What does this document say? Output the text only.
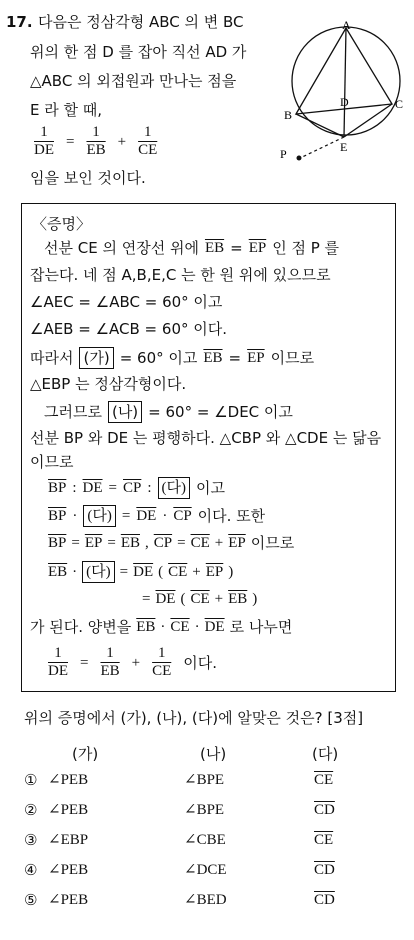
17. 다음은 정삼각형 ABC 의 변 BC
위의 한 점 D 를 잡아 직선 AD 가
△ABC 의 외접원과 만나는 점을
E 라 할 때,
$\frac{1}{DE} = \frac{1}{EB} + \frac{1}{CE}$
임을 보인 것이다.
A
B
C
D
E
P
〈증명〉
선분 CE 의 연장선 위에 $\overline{EB} = \overline{EP}$ 인 점 P 를
잡는다. 네 점 A,B,E,C 는 한 원 위에 있으므로
∠AEC = ∠ABC = 60° 이고
∠AEB = ∠ACB = 60° 이다.
따라서 (가) = 60° 이고 $\overline{EB} = \overline{EP}$ 이므로
△EBP 는 정삼각형이다.
그러므로 (나) = 60° = ∠DEC 이고
선분 BP 와 DE 는 평행하다. △CBP 와 △CDE 는 닮음
이므로
$\overline{BP}$ : $\overline{DE} = \overline{CP}$ : (다) 이고
$\overline{BP}$ · (다) = $\overline{DE} \cdot \overline{CP}$ 이다. 또한
$\overline{BP} = \overline{EP} = \overline{EB}$ , $\overline{CP} = \overline{CE} + \overline{EP}$ 이므로
$\overline{EB}$ · (다) = $\overline{DE}$ ( $\overline{CE} + \overline{EP}$ )
= $\overline{DE}$ ( $\overline{CE} + \overline{EB}$ )
가 된다. 양변을 $\overline{EB} \cdot \overline{CE} \cdot \overline{DE}$ 로 나누면
$\frac{1}{DE} = \frac{1}{EB} + \frac{1}{CE}$ 이다.
위의 증명에서 (가), (나), (다)에 알맞은 것은? [3점]
(가)	(나)	(다)
① ∠PEB	∠BPE	$\overline{CE}$
② ∠PEB	∠BPE	$\overline{CD}$
③ ∠EBP	∠CBE	$\overline{CE}$
④ ∠PEB	∠DCE	$\overline{CD}$
⑤ ∠PEB	∠BED	$\overline{CD}$
